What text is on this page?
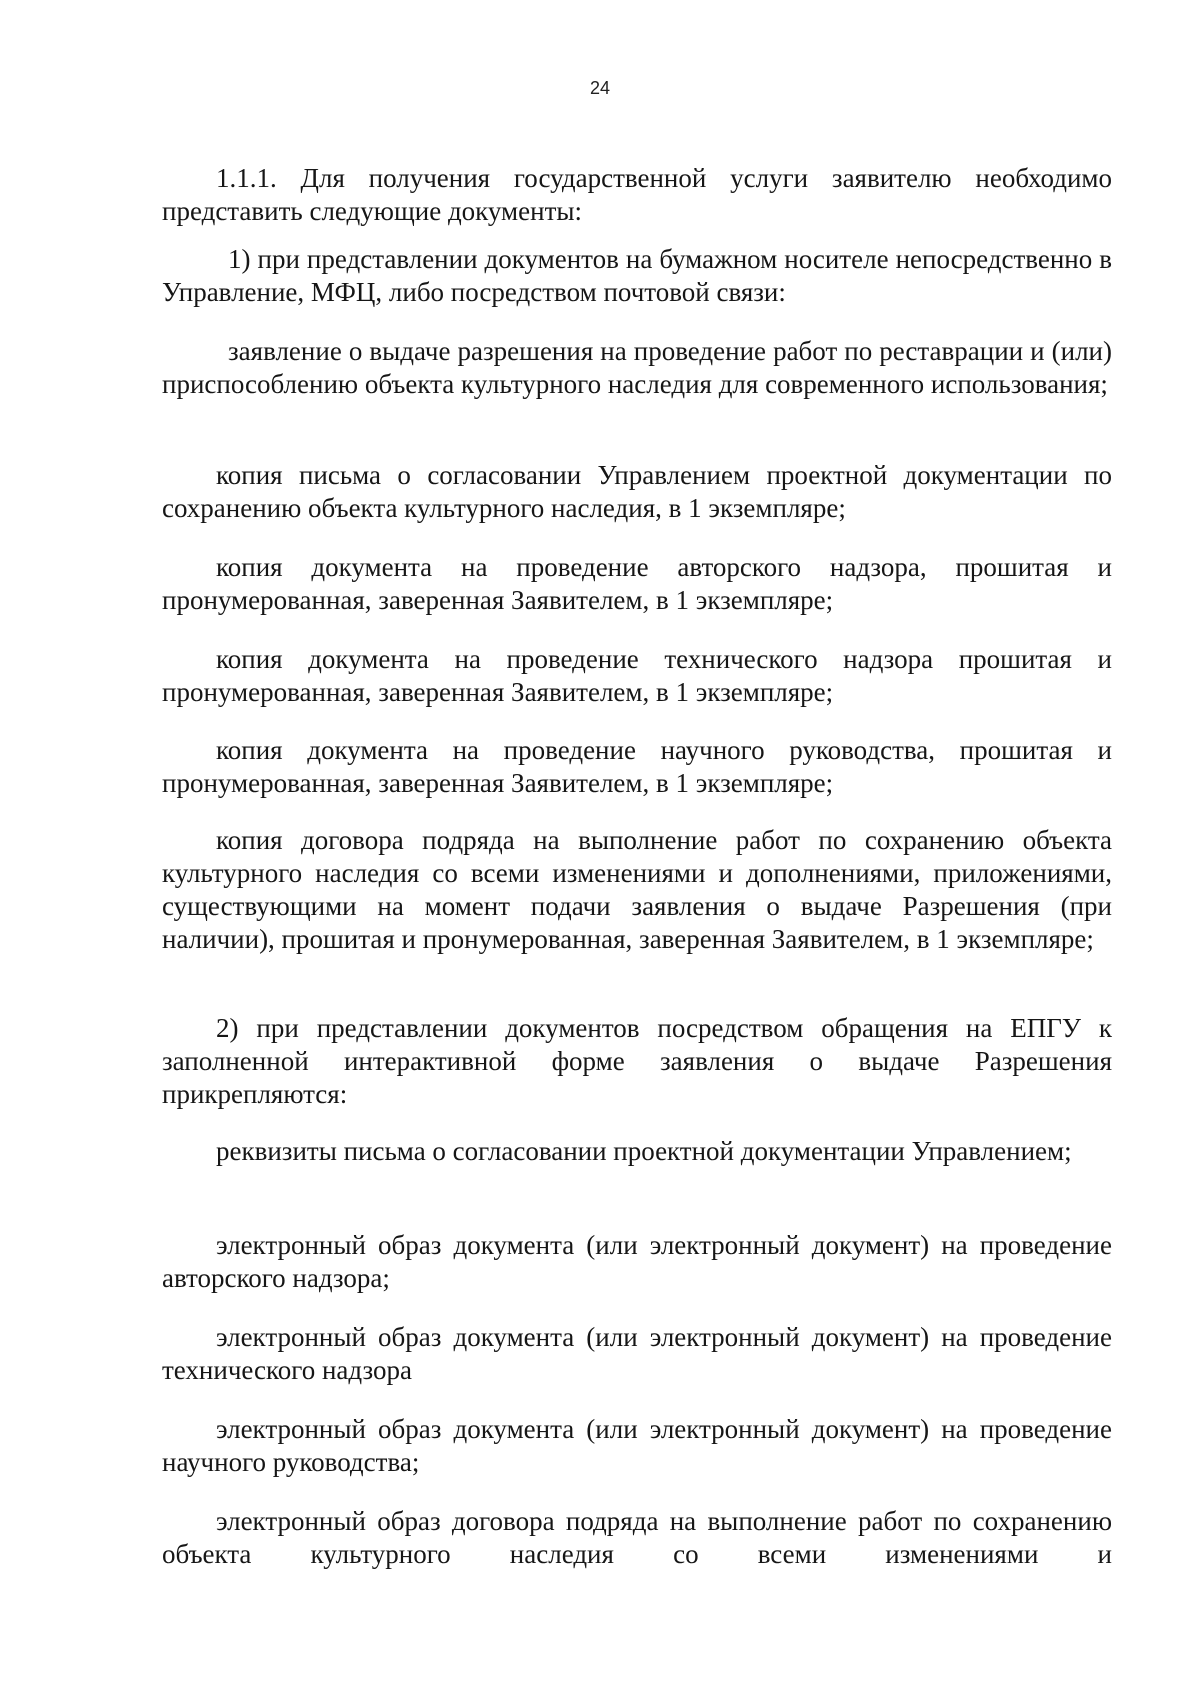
24

1.1.1. Для получения государственной услуги заявителю необходимо представить следующие документы:

1) при представлении документов на бумажном носителе непосредственно в Управление, МФЦ, либо посредством почтовой связи:

заявление о выдаче разрешения на проведение работ по реставрации и (или) приспособлению объекта культурного наследия для современного использования;

копия письма о согласовании Управлением проектной документации по сохранению объекта культурного наследия, в 1 экземпляре;

копия документа на проведение авторского надзора, прошитая и пронумерованная, заверенная Заявителем, в 1 экземпляре;

копия документа на проведение технического надзора прошитая и пронумерованная, заверенная Заявителем, в 1 экземпляре;

копия документа на проведение научного руководства, прошитая и пронумерованная, заверенная Заявителем, в 1 экземпляре;

копия договора подряда на выполнение работ по сохранению объекта культурного наследия со всеми изменениями и дополнениями, приложениями, существующими на момент подачи заявления о выдаче Разрешения (при наличии), прошитая и пронумерованная, заверенная Заявителем, в 1 экземпляре;

2) при представлении документов посредством обращения на ЕПГУ к заполненной интерактивной форме заявления о выдаче Разрешения прикрепляются:

реквизиты письма о согласовании проектной документации Управлением;

электронный образ документа (или электронный документ) на проведение авторского надзора;

электронный образ документа (или электронный документ) на проведение технического надзора

электронный образ документа (или электронный документ) на проведение научного руководства;

электронный образ договора подряда на выполнение работ по сохранению объекта культурного наследия со всеми изменениями и
